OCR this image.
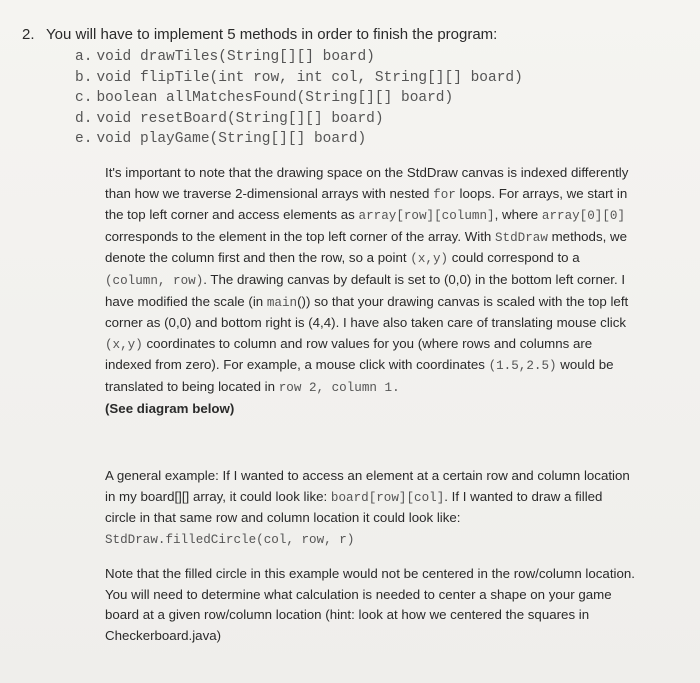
2. You will have to implement 5 methods in order to finish the program:
a. void drawTiles(String[][] board)
b. void flipTile(int row, int col, String[][] board)
c. boolean allMatchesFound(String[][] board)
d. void resetBoard(String[][] board)
e. void playGame(String[][] board)
It's important to note that the drawing space on the StdDraw canvas is indexed differently than how we traverse 2-dimensional arrays with nested for loops. For arrays, we start in the top left corner and access elements as array[row][column], where array[0][0] corresponds to the element in the top left corner of the array. With StdDraw methods, we denote the column first and then the row, so a point (x,y) could correspond to a (column, row). The drawing canvas by default is set to (0,0) in the bottom left corner. I have modified the scale (in main()) so that your drawing canvas is scaled with the top left corner as (0,0) and bottom right is (4,4). I have also taken care of translating mouse click (x,y) coordinates to column and row values for you (where rows and columns are indexed from zero). For example, a mouse click with coordinates (1.5,2.5) would be translated to being located in row 2, column 1.
(See diagram below)
A general example: If I wanted to access an element at a certain row and column location in my board[][] array, it could look like: board[row][col]. If I wanted to draw a filled circle in that same row and column location it could look like: StdDraw.filledCircle(col, row, r)
Note that the filled circle in this example would not be centered in the row/column location. You will need to determine what calculation is needed to center a shape on your game board at a given row/column location (hint: look at how we centered the squares in Checkerboard.java)
